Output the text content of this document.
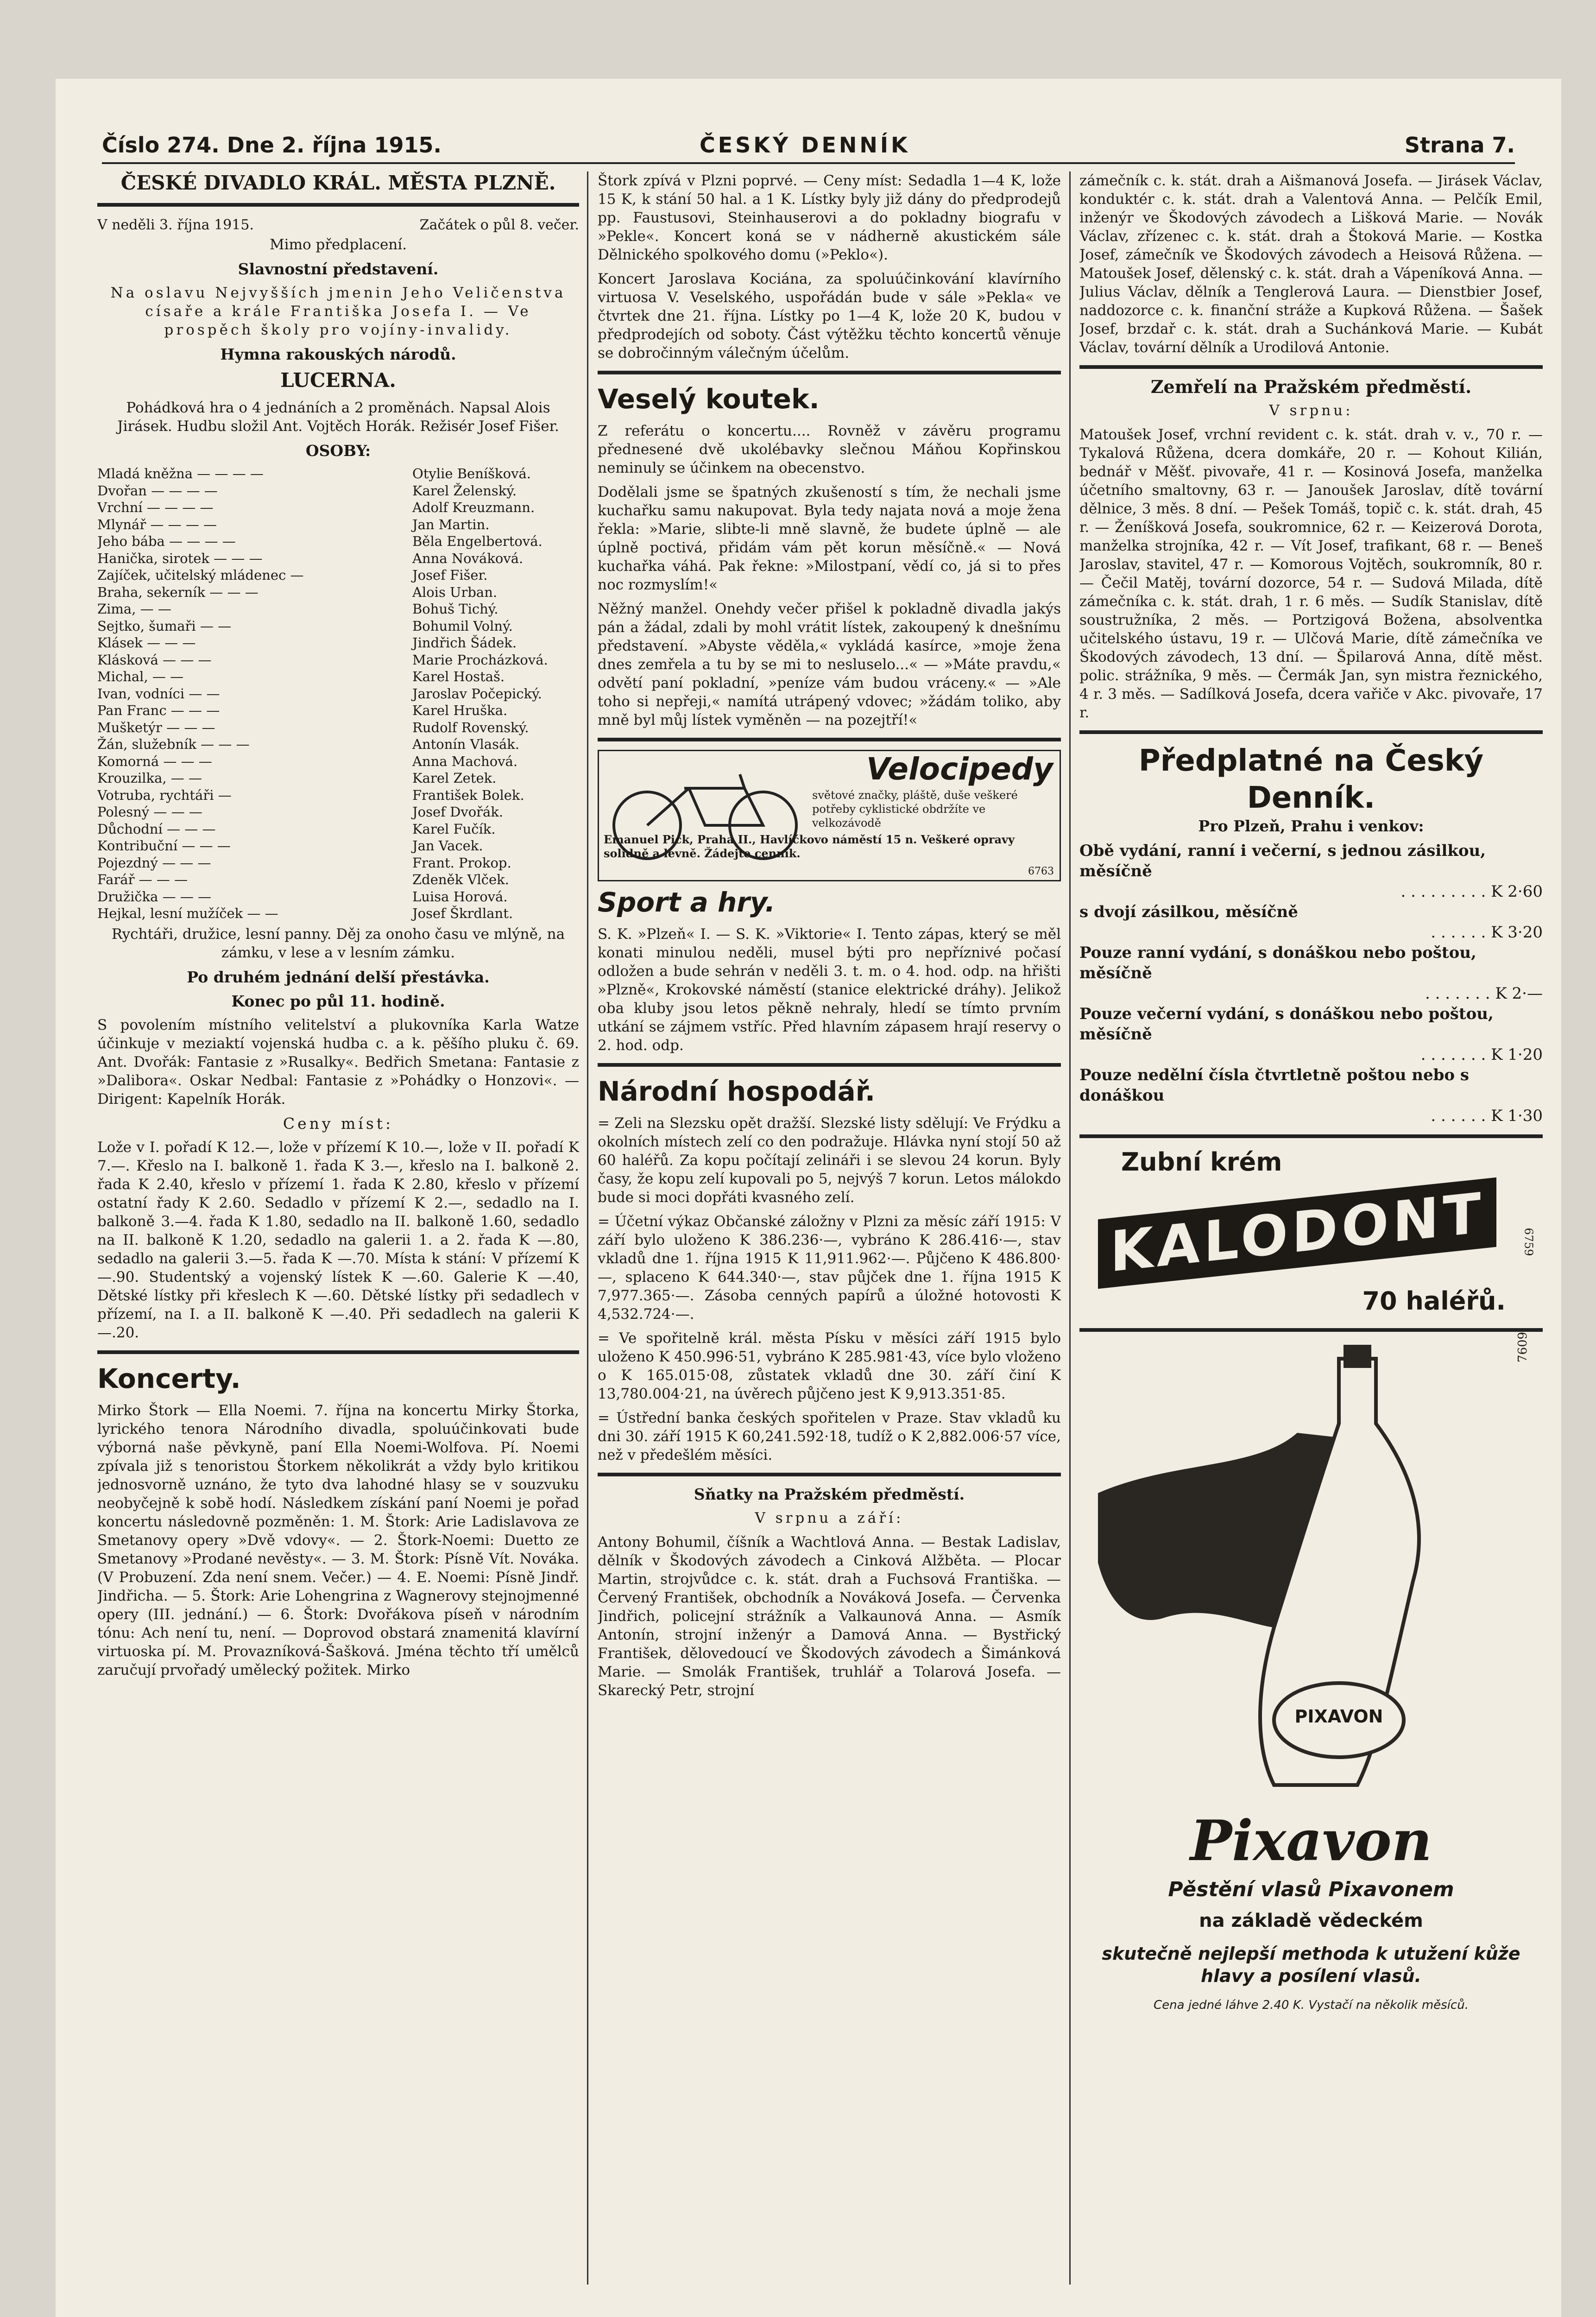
Číslo 274. Dne 2. října 1915.	ČESKÝ DENNÍK	Strana 7.
ČESKÉ DIVADLO KRÁL. MĚSTA PLZNĚ.
V neděli 3. října 1915.	Začátek o půl 8. večer.

Mimo předplacení.

Slavnostní představení.

Na oslavu Nejvyšších jmenin Jeho Veličenstva císaře a krále Františka Josefa I. — Ve prospěch školy pro vojíny-invalidy.

Hymna rakouských národů.
LUCERNA.

Pohádková hra o 4 jednáních a 2 proměnách. Napsal Alois Jirásek. Hudbu složil Ant. Vojtěch Horák. Režisér Josef Fišer.

OSOBY:
Mladá kněžna — — — —	Otylie Beníšková.
Dvořan — — — —	Karel Želenský.
Vrchní — — — —	Adolf Kreuzmann.
Mlynář — — — —	Jan Martin.
Jeho bába — — — —	Běla Engelbertová.
Hanička, sirotek — — —	Anna Nováková.
Zajíček, učitelský mládenec —	Josef Fišer.
Braha, sekerník — — —	Alois Urban.
Zima, — —	Bohuš Tichý.
Sejtko, šumaři — —	Bohumil Volný.
Klásek — — —	Jindřich Šádek.
Klásková — — —	Marie Procházková.
Michal, — —	Karel Hostaš.
Ivan, vodníci — —	Jaroslav Počepický.
Pan Franc — — —	Karel Hruška.
Mušketýr — — —	Rudolf Rovenský.
Žán, služebník — — —	Antonín Vlasák.
Komorná — — —	Anna Machová.
Krouzilka, — —	Karel Zetek.
Votruba, rychtáři —	František Bolek.
Polesný — — —	Josef Dvořák.
Důchodní — — —	Karel Fučík.
Kontribuční — — —	Jan Vacek.
Pojezdný — — —	Frant. Prokop.
Farář — — —	Zdeněk Vlček.
Družička — — —	Luisa Horová.
Hejkal, lesní mužíček — —	Josef Škrdlant.

Rychtáři, družice, lesní panny. Děj za onoho času ve mlýně, na zámku, v lese a v lesním zámku.

Po druhém jednání delší přestávka.
Konec po půl 11. hodině.

S povolením místního velitelství a plukovníka Karla Watze účinkuje v meziaktí vojenská hudba c. a k. pěšího pluku č. 69. Ant. Dvořák: Fantasie z »Rusalky«. Bedřich Smetana: Fantasie z »Dalibora«. Oskar Nedbal: Fantasie z »Pohádky o Honzovi«. — Dirigent: Kapelník Horák.

Ceny míst:

Lože v I. pořadí K 12.—, lože v přízemí K 10.—, lože v II. pořadí K 7.—. Křeslo na I. balkoně 1. řada K 3.—, křeslo na I. balkoně 2. řada K 2.40, křeslo v přízemí 1. řada K 2.80, křeslo v přízemí ostatní řady K 2.60. Sedadlo v přízemí K 2.—, sedadlo na I. balkoně 3.—4. řada K 1.80, sedadlo na II. balkoně 1.60, sedadlo na II. balkoně K 1.20, sedadlo na galerii 1. a 2. řada K —.80, sedadlo na galerii 3.—5. řada K —.70. Místa k stání: V přízemí K —.90. Studentský a vojenský lístek K —.60. Galerie K —.40, Dětské lístky při křeslech K —.60. Dětské lístky při sedadlech v přízemí, na I. a II. balkoně K —.40. Při sedadlech na galerii K —.20.

Koncerty.

Mirko Štork — Ella Noemi. 7. října na koncertu Mirky Štorka, lyrického tenora Národního divadla, spoluúčinkovati bude výborná naše pěvkyně, paní Ella Noemi-Wolfova. Pí. Noemi zpívala již s tenoristou Štorkem několikrát a vždy bylo kritikou jednosvorně uznáno, že tyto dva lahodné hlasy se v souzvuku neobyčejně k sobě hodí. Následkem získání paní Noemi je pořad koncertu následovně pozměněn: 1. M. Štork: Arie Ladislavova ze Smetanovy opery »Dvě vdovy«. — 2. Štork-Noemi: Duetto ze Smetanovy »Prodané nevěsty«. — 3. M. Štork: Písně Vít. Nováka. (V Probuzení. Zda není snem. Večer.) — 4. E. Noemi: Písně Jindř. Jindřicha. — 5. Štork: Arie Lohengrina z Wagnerovy stejnojmenné opery (III. jednání.) — 6. Štork: Dvořákova píseň v národním tónu: Ach není tu, není. — Doprovod obstará znamenitá klavírní virtuoska pí. M. Provazníková-Šašková. Jména těchto tří umělců zaručují prvořadý umělecký požitek. Mirko

Štork zpívá v Plzni poprvé. — Ceny míst: Sedadla 1—4 K, lože 15 K, k stání 50 hal. a 1 K. Lístky byly již dány do předprodejů pp. Faustusovi, Steinhauserovi a do pokladny biografu v »Pekle«. Koncert koná se v nádherně akustickém sále Dělnického spolkového domu (»Peklo«).

Koncert Jaroslava Kociána, za spoluúčinkování klavírního virtuosa V. Veselského, uspořádán bude v sále »Pekla« ve čtvrtek dne 21. října. Lístky po 1—4 K, lože 20 K, budou v předprodejích od soboty. Část výtěžku těchto koncertů věnuje se dobročinným válečným účelům.

Veselý koutek.

Z referátu o koncertu.... Rovněž v závěru programu přednesené dvě ukolébavky slečnou Máňou Kopřinskou neminuly se účinkem na obecenstvo.

Dodělali jsme se špatných zkušeností s tím, že nechali jsme kuchařku samu nakupovat. Byla tedy najata nová a moje žena řekla: »Marie, slibte-li mně slavně, že budete úplně — ale úplně poctivá, přidám vám pět korun měsíčně.« — Nová kuchařka váhá. Pak řekne: »Milostpaní, vědí co, já si to přes noc rozmyslím!«

Něžný manžel. Onehdy večer přišel k pokladně divadla jakýs pán a žádal, zdali by mohl vrátit lístek, zakoupený k dnešnímu představení. »Abyste věděla,« vykládá kasírce, »moje žena dnes zemřela a tu by se mi to nesluselo...« — »Máte pravdu,« odvětí paní pokladní, »peníze vám budou vráceny.« — »Ale toho si nepřeji,« namítá utrápený vdovec; »žádám toliko, aby mně byl můj lístek vyměněn — na pozejtří!«

Velocipedy
světové značky, pláště, duše veškeré potřeby cyklistické obdržíte ve velkozávodě
Emanuel Pick, Praha II., Havlíčkovo náměstí 15 n. Veškeré opravy solidně a levně. Žádejte cenník.
6763
Sport a hry.

S. K. »Plzeň« I. — S. K. »Viktorie« I. Tento zápas, který se měl konati minulou neděli, musel býti pro nepříznivé počasí odložen a bude sehrán v neděli 3. t. m. o 4. hod. odp. na hřišti »Plzně«, Krokovské náměstí (stanice elektrické dráhy). Jelikož oba kluby jsou letos pěkně nehraly, hledí se tímto prvním utkání se zájmem vstříc. Před hlavním zápasem hrají reservy o 2. hod. odp.

Národní hospodář.

= Zeli na Slezsku opět dražší. Slezské listy sdělují: Ve Frýdku a okolních místech zelí co den podražuje. Hlávka nyní stojí 50 až 60 haléřů. Za kopu počítají zelináři i se slevou 24 korun. Byly časy, že kopu zelí kupovali po 5, nejvýš 7 korun. Letos málokdo bude si moci dopřáti kvasného zelí.

= Účetní výkaz Občanské záložny v Plzni za měsíc září 1915: V září bylo uloženo K 386.236·—, vybráno K 286.416·—, stav vkladů dne 1. října 1915 K 11,911.962·—. Půjčeno K 486.800·—, splaceno K 644.340·—, stav půjček dne 1. října 1915 K 7,977.365·—. Zásoba cenných papírů a úložné hotovosti K 4,532.724·—.

= Ve spořitelně král. města Písku v měsíci září 1915 bylo uloženo K 450.996·51, vybráno K 285.981·43, více bylo vloženo o K 165.015·08, zůstatek vkladů dne 30. září činí K 13,780.004·21, na úvěrech půjčeno jest K 9,913.351·85.

= Ústřední banka českých spořitelen v Praze. Stav vkladů ku dni 30. září 1915 K 60,241.592·18, tudíž o K 2,882.006·57 více, než v předešlém měsíci.

Sňatky na Pražském předměstí.

V srpnu a září:

Antony Bohumil, číšník a Wachtlová Anna. — Bestak Ladislav, dělník v Škodových závodech a Cinková Alžběta. — Plocar Martin, strojvůdce c. k. stát. drah a Fuchsová Františka. — Červený František, obchodník a Nováková Josefa. — Červenka Jindřich, policejní strážník a Valkaunová Anna. — Asmík Antonín, strojní inženýr a Damová Anna. — Bystřický František, dělovedoucí ve Škodových závodech a Šimánková Marie. — Smolák František, truhlář a Tolarová Josefa. — Skarecký Petr, strojní

zámečník c. k. stát. drah a Aišmanová Josefa. — Jirásek Václav, konduktér c. k. stát. drah a Valentová Anna. — Pelčík Emil, inženýr ve Škodových závodech a Lišková Marie. — Novák Václav, zřízenec c. k. stát. drah a Štoková Marie. — Kostka Josef, zámečník ve Škodových závodech a Heisová Růžena. — Matoušek Josef, dělenský c. k. stát. drah a Vápeníková Anna. — Julius Václav, dělník a Tenglerová Laura. — Dienstbier Josef, naddozorce c. k. finanční stráže a Kupková Růžena. — Šašek Josef, brzdař c. k. stát. drah a Suchánková Marie. — Kubát Václav, tovární dělník a Urodilová Antonie.

Zemřelí na Pražském předměstí.

V srpnu:

Matoušek Josef, vrchní revident c. k. stát. drah v. v., 70 r. — Tykalová Růžena, dcera domkáře, 20 r. — Kohout Kilián, bednář v Měšť. pivovaře, 41 r. — Kosinová Josefa, manželka účetního smaltovny, 63 r. — Janoušek Jaroslav, dítě tovární dělnice, 3 měs. 8 dní. — Pešek Tomáš, topič c. k. stát. drah, 45 r. — Ženíšková Josefa, soukromnice, 62 r. — Keizerová Dorota, manželka strojníka, 42 r. — Vít Josef, trafikant, 68 r. — Beneš Jaroslav, stavitel, 47 r. — Komorous Vojtěch, soukromník, 80 r. — Čečil Matěj, tovární dozorce, 54 r. — Sudová Milada, dítě zámečníka c. k. stát. drah, 1 r. 6 měs. — Sudík Stanislav, dítě soustružníka, 2 měs. — Portzigová Božena, absolventka učitelského ústavu, 19 r. — Ulčová Marie, dítě zámečníka ve Škodových závodech, 13 dní. — Špilarová Anna, dítě měst. polic. strážníka, 9 měs. — Čermák Jan, syn mistra řeznického, 4 r. 3 měs. — Sadílková Josefa, dcera vařiče v Akc. pivovaře, 17 r.

Předplatné na Český Denník.
Pro Plzeň, Prahu i venkov:
Obě vydání, ranní i večerní, s jednou zásilkou, měsíčně
. . . . . . . . . K 2·60
s dvojí zásilkou, měsíčně
. . . . . . K 3·20
Pouze ranní vydání, s donáškou nebo poštou, měsíčně
. . . . . . . K 2·—
Pouze večerní vydání, s donáškou nebo poštou, měsíčně
. . . . . . . K 1·20
Pouze nedělní čísla čtvrtletně poštou nebo s donáškou
. . . . . . K 1·30
Zubní krém
KALODONT
70 haléřů.
6759
PIXAVON
7609
Pixavon
Pěstění vlasů Pixavonem
na základě vědeckém
skutečně nejlepší methoda k utužení kůže hlavy a posílení vlasů.
Cena jedné láhve 2.40 K. Vystačí na několik měsíců.
